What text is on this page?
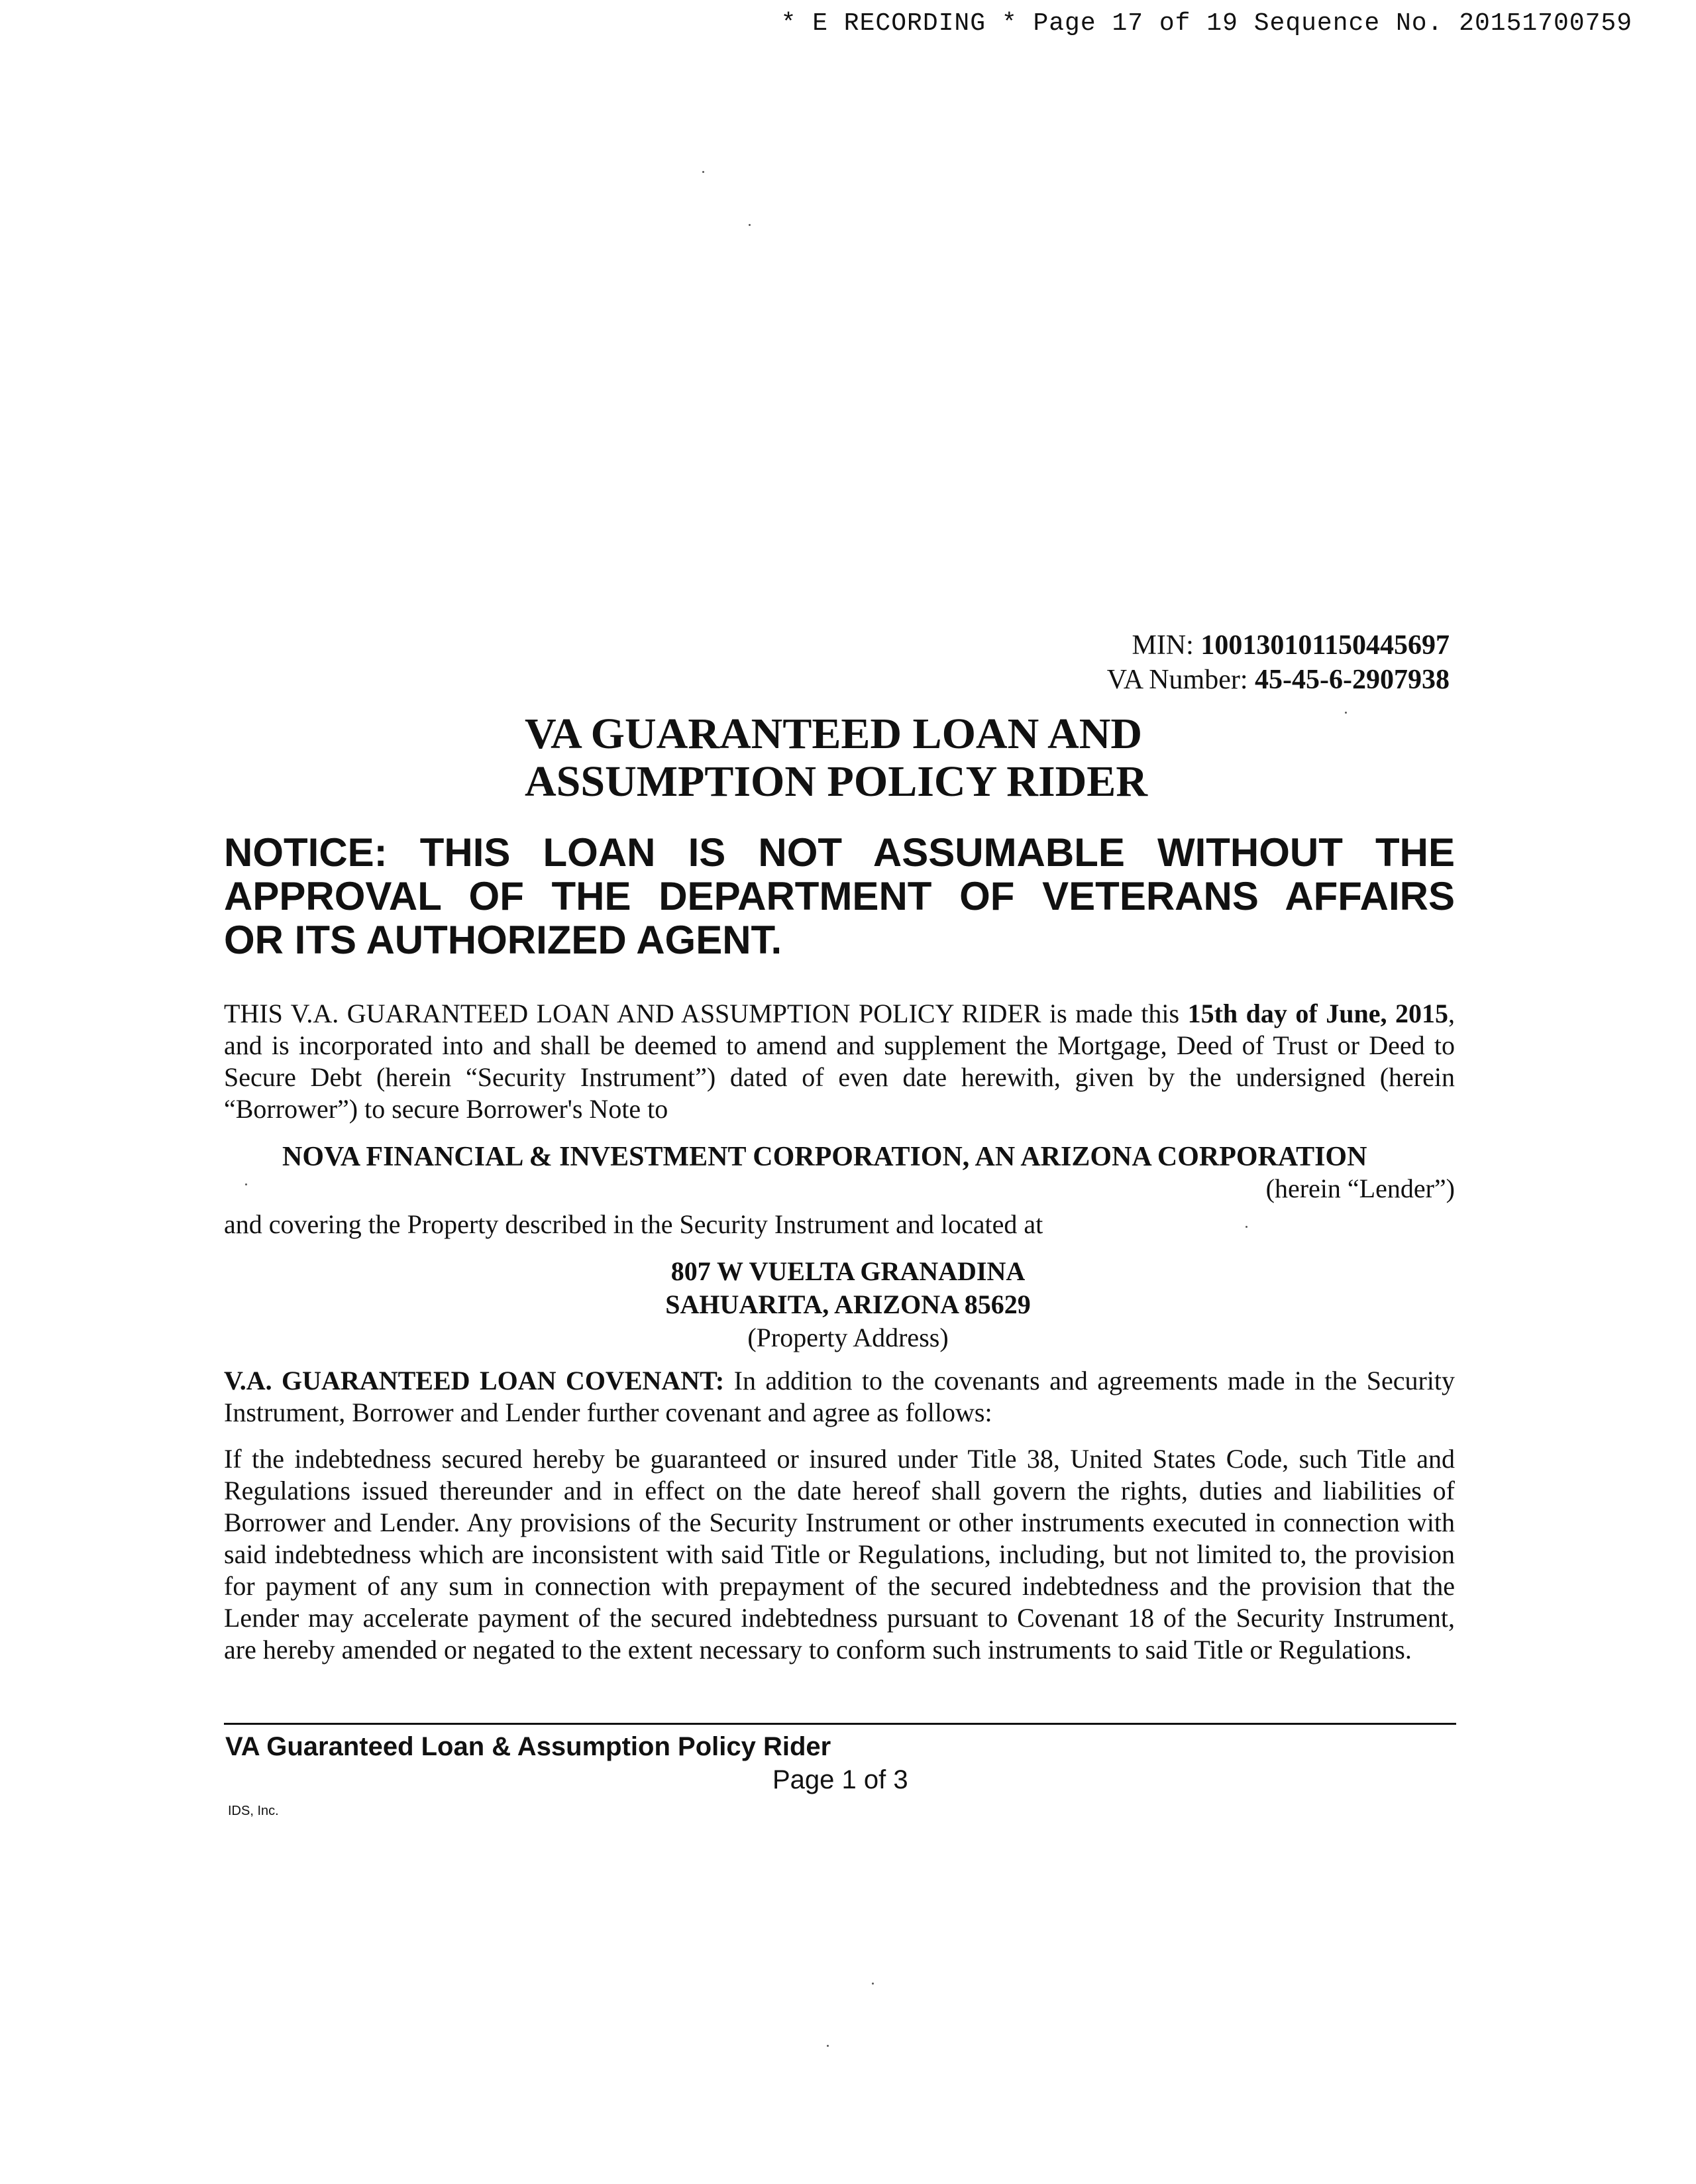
* E RECORDING * Page 17 of 19 Sequence No. 20151700759
MIN: 100130101150445697
VA Number: 45-45-6-2907938
VA GUARANTEED LOAN AND
ASSUMPTION POLICY RIDER
NOTICE: THIS LOAN IS NOT ASSUMABLE WITHOUT THE
APPROVAL OF THE DEPARTMENT OF VETERANS AFFAIRS
OR ITS AUTHORIZED AGENT.
THIS V.A. GUARANTEED LOAN AND ASSUMPTION POLICY RIDER is made this 15th day of June, 2015, and is incorporated into and shall be deemed to amend and supplement the Mortgage, Deed of Trust or Deed to Secure Debt (herein “Security Instrument”) dated of even date herewith, given by the undersigned (herein “Borrower”) to secure Borrower's Note to
NOVA FINANCIAL & INVESTMENT CORPORATION, AN ARIZONA CORPORATION
(herein “Lender”)
and covering the Property described in the Security Instrument and located at
807 W VUELTA GRANADINA
SAHUARITA, ARIZONA 85629
(Property Address)
V.A. GUARANTEED LOAN COVENANT: In addition to the covenants and agreements made in the Security Instrument, Borrower and Lender further covenant and agree as follows:
If the indebtedness secured hereby be guaranteed or insured under Title 38, United States Code, such Title and Regulations issued thereunder and in effect on the date hereof shall govern the rights, duties and liabilities of Borrower and Lender. Any provisions of the Security Instrument or other instruments executed in connection with said indebtedness which are inconsistent with said Title or Regulations, including, but not limited to, the provision for payment of any sum in connection with prepayment of the secured indebtedness and the provision that the Lender may accelerate payment of the secured indebtedness pursuant to Covenant 18 of the Security Instrument, are hereby amended or negated to the extent necessary to conform such instruments to said Title or Regulations.
VA Guaranteed Loan & Assumption Policy Rider
Page 1 of 3
IDS, Inc.
